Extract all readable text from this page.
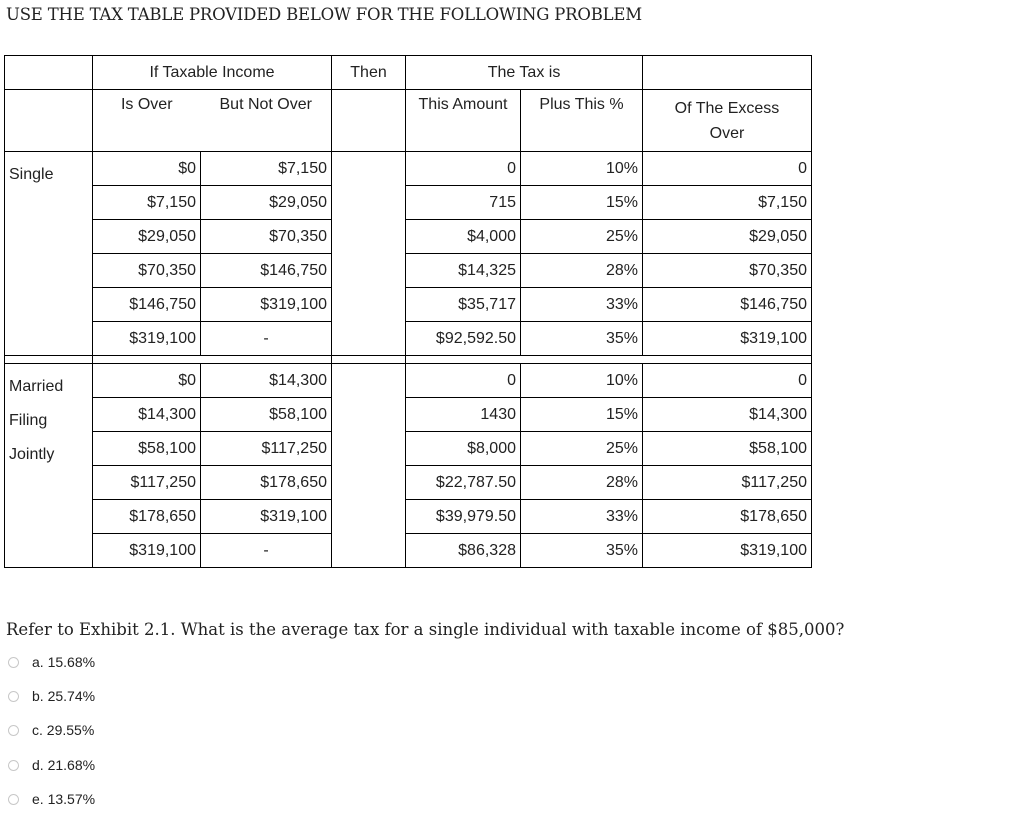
USE THE TAX TABLE PROVIDED BELOW FOR THE FOLLOWING PROBLEM
	If Taxable Income		Then	The Tax is		
	Is Over	But Not Over		This Amount	Plus This %	Of The Excess
Over
Single	$0	$7,150		0	10%	0
	$7,150	$29,050		715	15%	$7,150
	$29,050	$70,350		$4,000	25%	$29,050
	$70,350	$146,750		$14,325	28%	$70,350
	$146,750	$319,100		$35,717	33%	$146,750
	$319,100	-		$92,592.50	35%	$319,100

Married
Filing
Jointly	$0	$14,300		0	10%	0
	$14,300	$58,100		1430	15%	$14,300
	$58,100	$117,250		$8,000	25%	$58,100
	$117,250	$178,650		$22,787.50	28%	$117,250
	$178,650	$319,100		$39,979.50	33%	$178,650
	$319,100	-		$86,328	35%	$319,100
Refer to Exhibit 2.1. What is the average tax for a single individual with taxable income of $85,000?
a. 15.68%
b. 25.74%
c. 29.55%
d. 21.68%
e. 13.57%
